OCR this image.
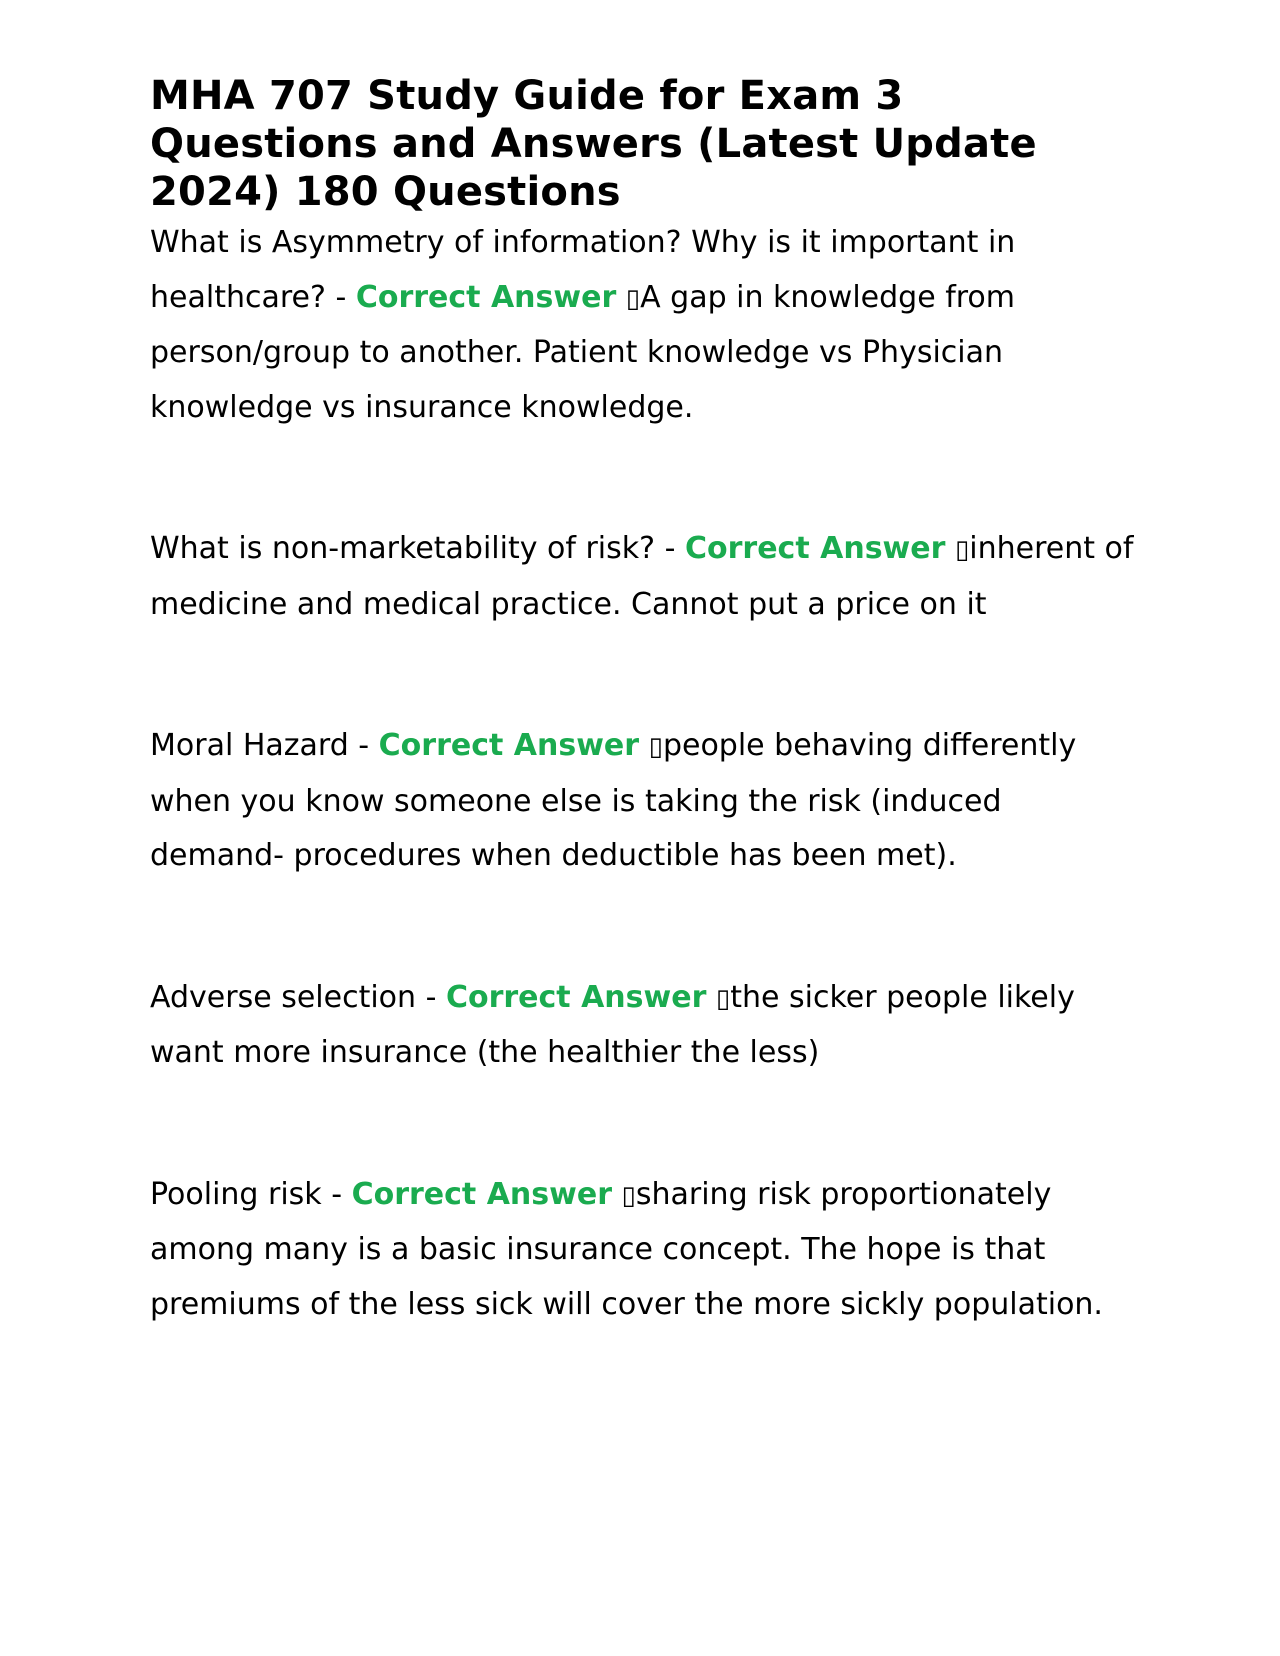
MHA 707 Study Guide for Exam 3 Questions and Answers (Latest Update 2024) 180 Questions

What is Asymmetry of information? Why is it important in healthcare? - Correct Answer ▯A gap in knowledge from person/group to another. Patient knowledge vs Physician knowledge vs insurance knowledge.

What is non-marketability of risk? - Correct Answer ▯inherent of medicine and medical practice. Cannot put a price on it

Moral Hazard - Correct Answer ▯people behaving differently when you know someone else is taking the risk (induced demand- procedures when deductible has been met).

Adverse selection - Correct Answer ▯the sicker people likely want more insurance (the healthier the less)

Pooling risk - Correct Answer ▯sharing risk proportionately among many is a basic insurance concept. The hope is that premiums of the less sick will cover the more sickly population.
